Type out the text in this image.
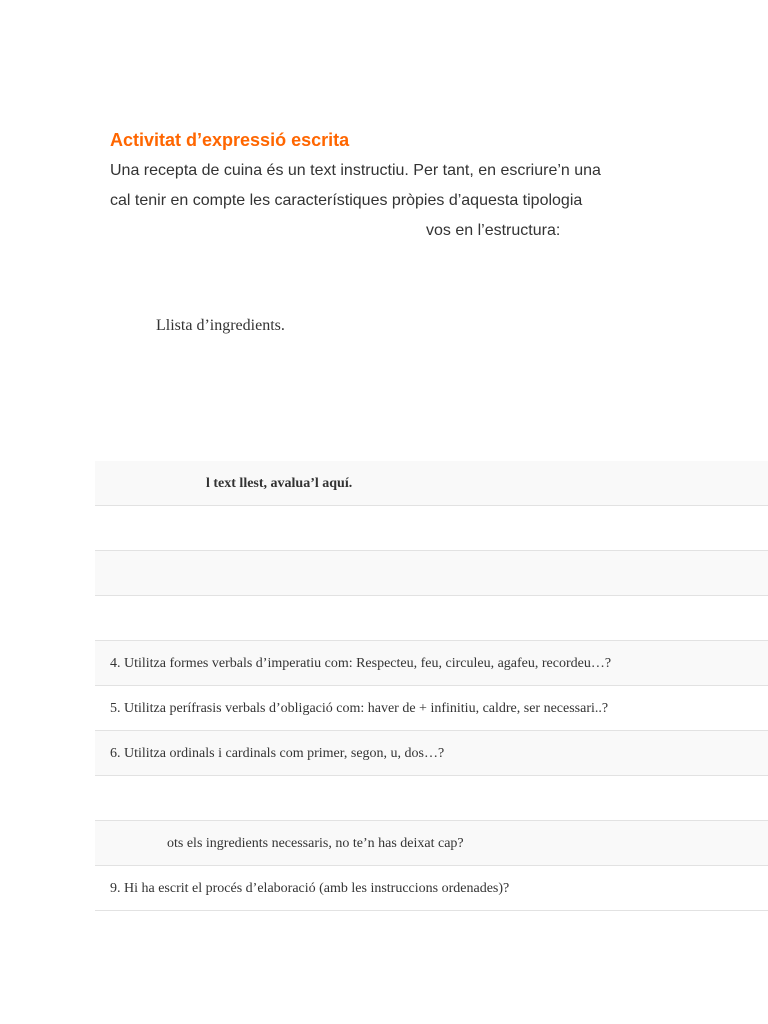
Activitat d’expressió escrita
Una recepta de cuina és un text instructiu. Per tant, en escriure’n una
cal tenir en compte les característiques pròpies d’aquesta tipologia
vos en l’estructura:
Llista d’ingredients.
l text llest, avalua’l aquí.
4. Utilitza formes verbals d’imperatiu com: Respecteu, feu, circuleu, agafeu, recordeu…?
5. Utilitza perífrasis verbals d’obligació com: haver de + infinitiu, caldre, ser necessari..?
6. Utilitza ordinals i cardinals com primer, segon, u, dos…?
ots els ingredients necessaris, no te’n has deixat cap?
9. Hi ha escrit el procés d’elaboració (amb les instruccions ordenades)?
